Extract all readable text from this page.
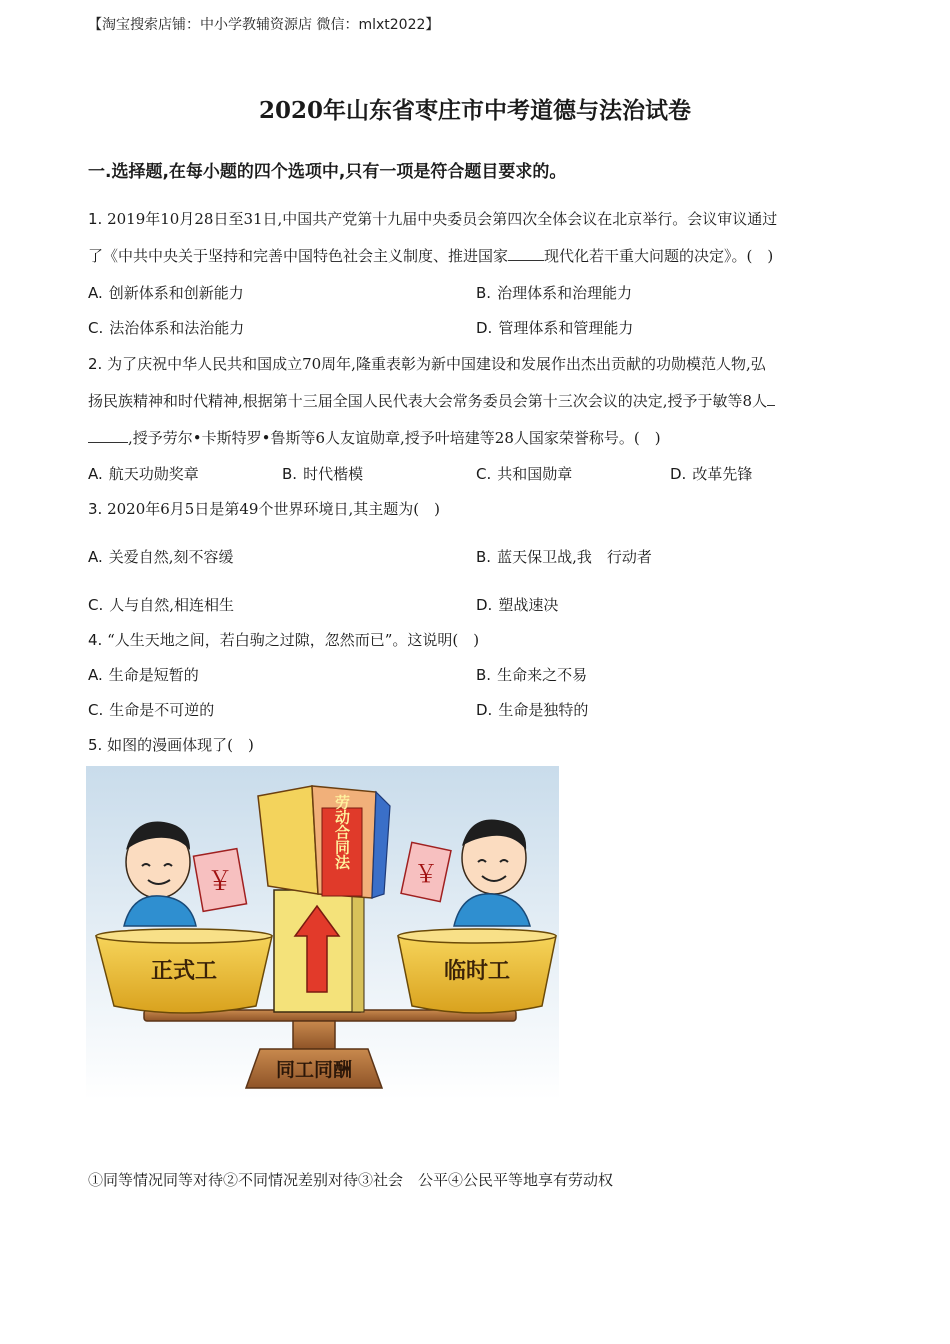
【淘宝搜索店铺：中小学教辅资源店 微信：mlxt2022】
2020年山东省枣庄市中考道德与法治试卷
一.选择题,在每小题的四个选项中,只有一项是符合题目要求的。
1. 2019年10月28日至31日,中国共产党第十九届中央委员会第四次全体会议在北京举行。会议审议通过
了《中共中央关于坚持和完善中国特色社会主义制度、推进国家 现代化若干重大问题的决定》。(　)
A. 创新体系和创新能力	B. 治理体系和治理能力
C. 法治体系和法治能力	D. 管理体系和管理能力
2. 为了庆祝中华人民共和国成立70周年,隆重表彰为新中国建设和发展作出杰出贡献的功勋模范人物,弘
扬民族精神和时代精神,根据第十三届全国人民代表大会常务委员会第十三次会议的决定,授予于敏等8人
,授予劳尔•卡斯特罗•鲁斯等6人友谊勋章,授予叶培建等28人国家荣誉称号。(　)
A. 航天功勋奖章	B. 时代楷模	C. 共和国勋章	D. 改革先锋
3. 2020年6月5日是第49个世界环境日,其主题为(　)
A. 关爱自然,刻不容缓	B. 蓝天保卫战,我　行动者
C. 人与自然,相连相生	D. 塑战速决
4. “人生天地之间，若白驹之过隙，忽然而已”。这说明(　)
A. 生命是短暂的	B. 生命来之不易
C. 生命是不可逆的	D. 生命是独特的
5. 如图的漫画体现了(　)
同工同酬
劳动合同法
￥
正式工
￥
临时工
①同等情况同等对待②不同情况差别对待③社会　公平④公民平等地享有劳动权
